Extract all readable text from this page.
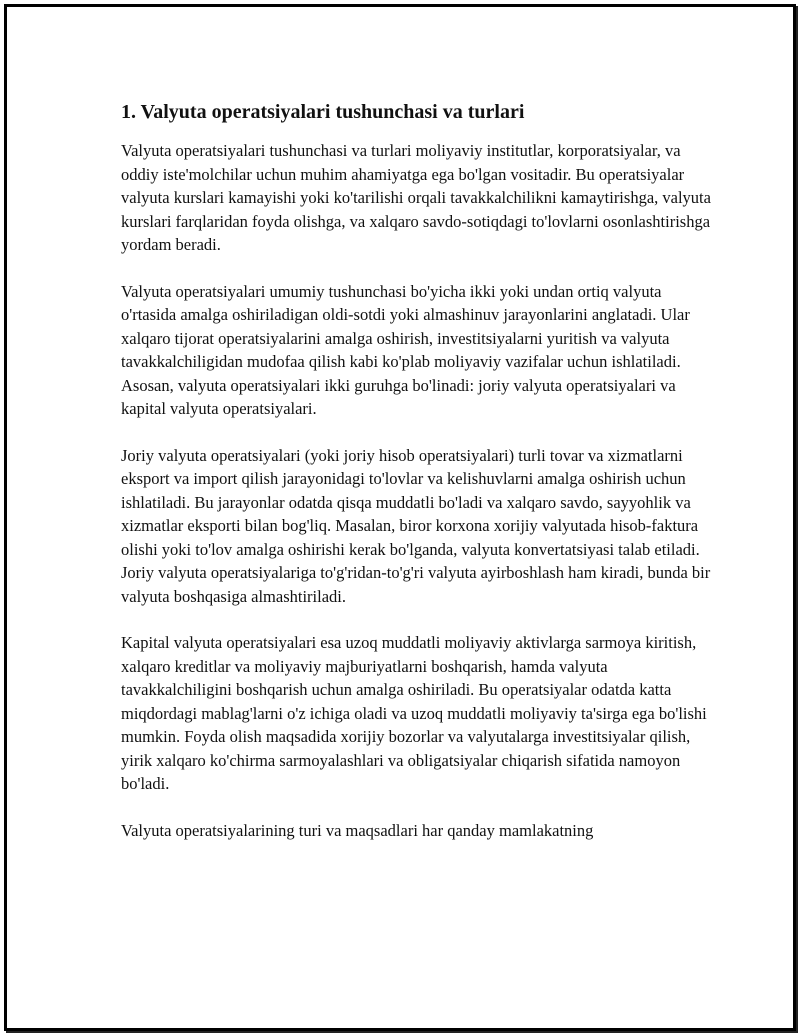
1. Valyuta operatsiyalari tushunchasi va turlari

Valyuta operatsiyalari tushunchasi va turlari moliyaviy institutlar, korporatsiyalar, va oddiy iste'molchilar uchun muhim ahamiyatga ega bo'lgan vositadir. Bu operatsiyalar valyuta kurslari kamayishi yoki ko'tarilishi orqali tavakkalchilikni kamaytirishga, valyuta kurslari farqlaridan foyda olishga, va xalqaro savdo-sotiqdagi to'lovlarni osonlashtirishga yordam beradi.

Valyuta operatsiyalari umumiy tushunchasi bo'yicha ikki yoki undan ortiq valyuta o'rtasida amalga oshiriladigan oldi-sotdi yoki almashinuv jarayonlarini anglatadi. Ular xalqaro tijorat operatsiyalarini amalga oshirish, investitsiyalarni yuritish va valyuta tavakkalchiligidan mudofaa qilish kabi ko'plab moliyaviy vazifalar uchun ishlatiladi. Asosan, valyuta operatsiyalari ikki guruhga bo'linadi: joriy valyuta operatsiyalari va kapital valyuta operatsiyalari.

Joriy valyuta operatsiyalari (yoki joriy hisob operatsiyalari) turli tovar va xizmatlarni eksport va import qilish jarayonidagi to'lovlar va kelishuvlarni amalga oshirish uchun ishlatiladi. Bu jarayonlar odatda qisqa muddatli bo'ladi va xalqaro savdo, sayyohlik va xizmatlar eksporti bilan bog'liq. Masalan, biror korxona xorijiy valyutada hisob-faktura olishi yoki to'lov amalga oshirishi kerak bo'lganda, valyuta konvertatsiyasi talab etiladi. Joriy valyuta operatsiyalariga to'g'ridan-to'g'ri valyuta ayirboshlash ham kiradi, bunda bir valyuta boshqasiga almashtiriladi.

Kapital valyuta operatsiyalari esa uzoq muddatli moliyaviy aktivlarga sarmoya kiritish, xalqaro kreditlar va moliyaviy majburiyatlarni boshqarish, hamda valyuta tavakkalchiligini boshqarish uchun amalga oshiriladi. Bu operatsiyalar odatda katta miqdordagi mablag'larni o'z ichiga oladi va uzoq muddatli moliyaviy ta'sirga ega bo'lishi mumkin. Foyda olish maqsadida xorijiy bozorlar va valyutalarga investitsiyalar qilish, yirik xalqaro ko'chirma sarmoyalashlari va obligatsiyalar chiqarish sifatida namoyon bo'ladi.

Valyuta operatsiyalarining turi va maqsadlari har qanday mamlakatning
